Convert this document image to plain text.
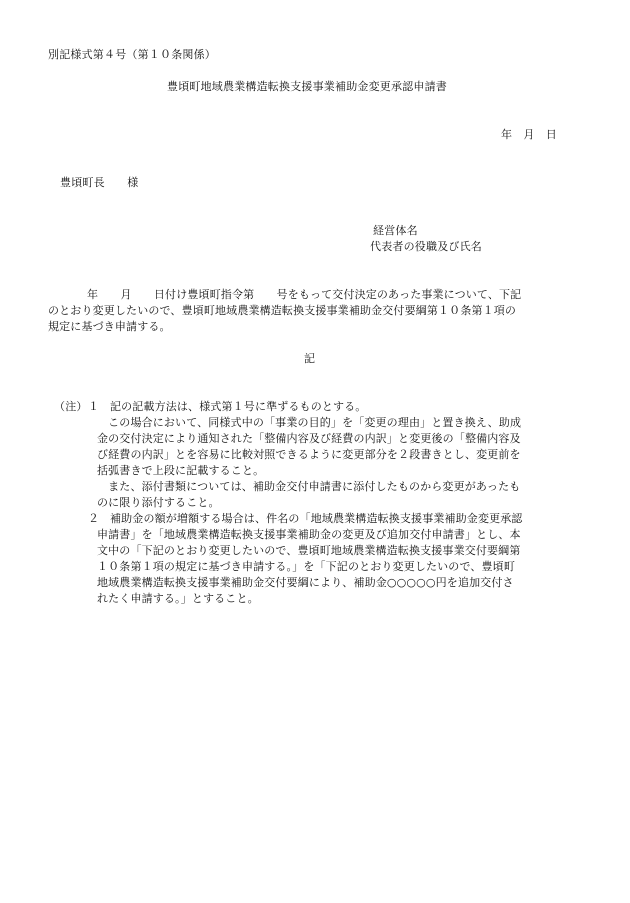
別記様式第４号（第１０条関係）
豊頃町地域農業構造転換支援事業補助金変更承認申請書
年　月　日
豊頃町長　　様
経営体名
代表者の役職及び氏名
年　　月　　日付け豊頃町指令第　　号をもって交付決定のあった事業について、下記
のとおり変更したいので、豊頃町地域農業構造転換支援事業補助金交付要綱第１０条第１項の
規定に基づき申請する。
記
（注） １ 記の記載方法は、様式第１号に準ずるものとする。
　この場合において、同様式中の「事業の目的」を「変更の理由」と置き換え、助成
金の交付決定により通知された「整備内容及び経費の内訳」と変更後の「整備内容及
び経費の内訳」とを容易に比較対照できるように変更部分を２段書きとし、変更前を
括弧書きで上段に記載すること。
　また、添付書類については、補助金交付申請書に添付したものから変更があったも
のに限り添付すること。
２ 補助金の額が増額する場合は、件名の「地域農業構造転換支援事業補助金変更承認
申請書」を「地域農業構造転換支援事業補助金の変更及び追加交付申請書」とし、本
文中の「下記のとおり変更したいので、豊頃町地域農業構造転換支援事業交付要綱第
１０条第１項の規定に基づき申請する。」を「下記のとおり変更したいので、豊頃町
地域農業構造転換支援事業補助金交付要綱により、補助金○○○○○円を追加交付さ
れたく申請する。」とすること。
